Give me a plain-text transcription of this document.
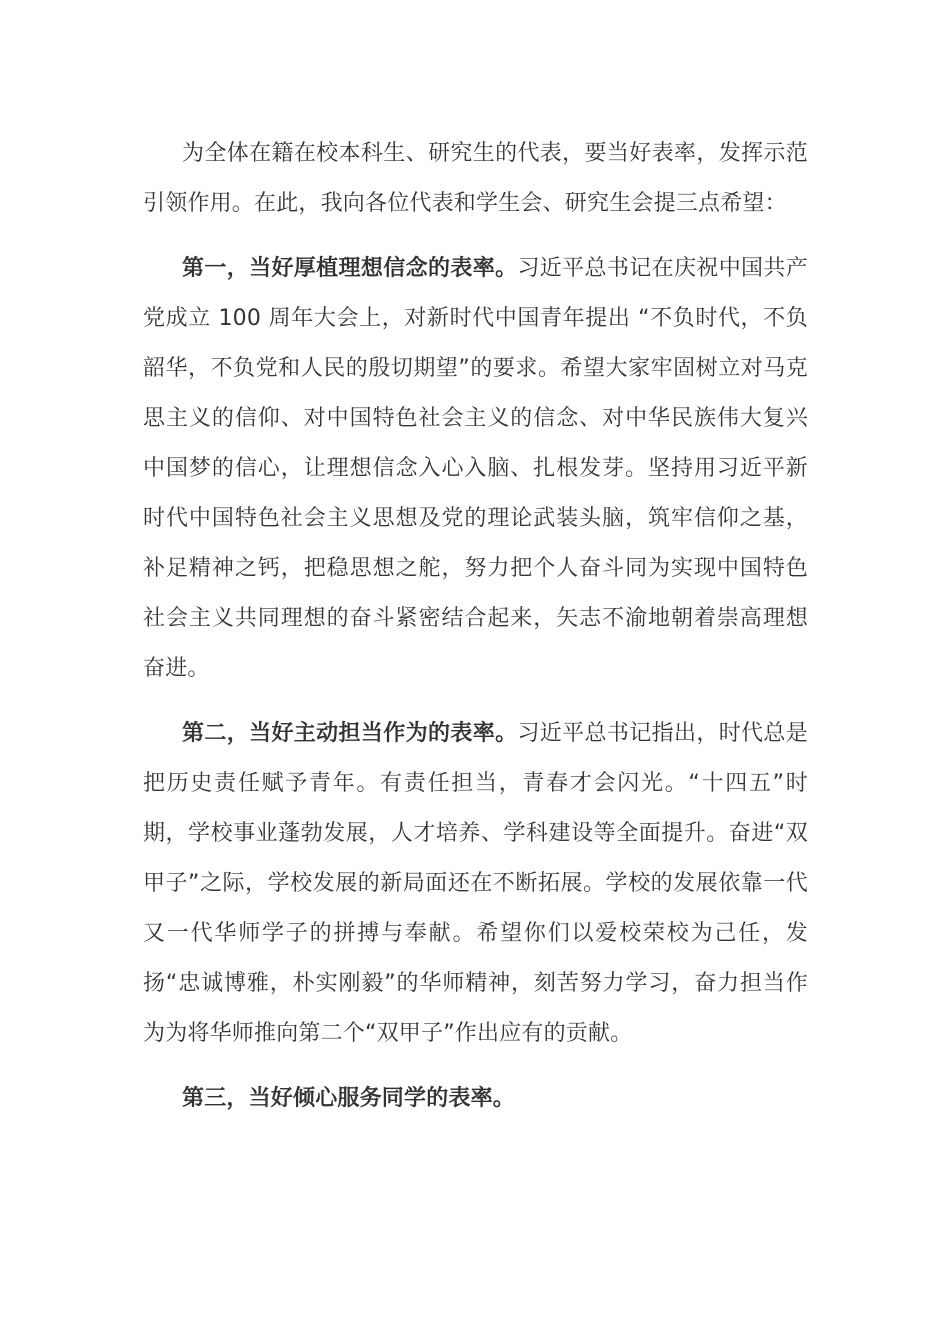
为全体在籍在校本科生、研究生的代表，要当好表率，发挥示范引领作用。在此，我向各位代表和学生会、研究生会提三点希望：

第一，当好厚植理想信念的表率。习近平总书记在庆祝中国共产党成立 100 周年大会上，对新时代中国青年提出 “不负时代，不负韶华，不负党和人民的殷切期望”的要求。希望大家牢固树立对马克思主义的信仰、对中国特色社会主义的信念、对中华民族伟大复兴中国梦的信心，让理想信念入心入脑、扎根发芽。坚持用习近平新时代中国特色社会主义思想及党的理论武装头脑，筑牢信仰之基，补足精神之钙，把稳思想之舵，努力把个人奋斗同为实现中国特色社会主义共同理想的奋斗紧密结合起来，矢志不渝地朝着崇高理想奋进。

第二，当好主动担当作为的表率。习近平总书记指出，时代总是把历史责任赋予青年。有责任担当，青春才会闪光。“十四五”时期，学校事业蓬勃发展，人才培养、学科建设等全面提升。奋进“双甲子”之际，学校发展的新局面还在不断拓展。学校的发展依靠一代又一代华师学子的拼搏与奉献。希望你们以爱校荣校为己任，发扬“忠诚博雅，朴实刚毅”的华师精神，刻苦努力学习，奋力担当作为为将华师推向第二个“双甲子”作出应有的贡献。

第三，当好倾心服务同学的表率。
